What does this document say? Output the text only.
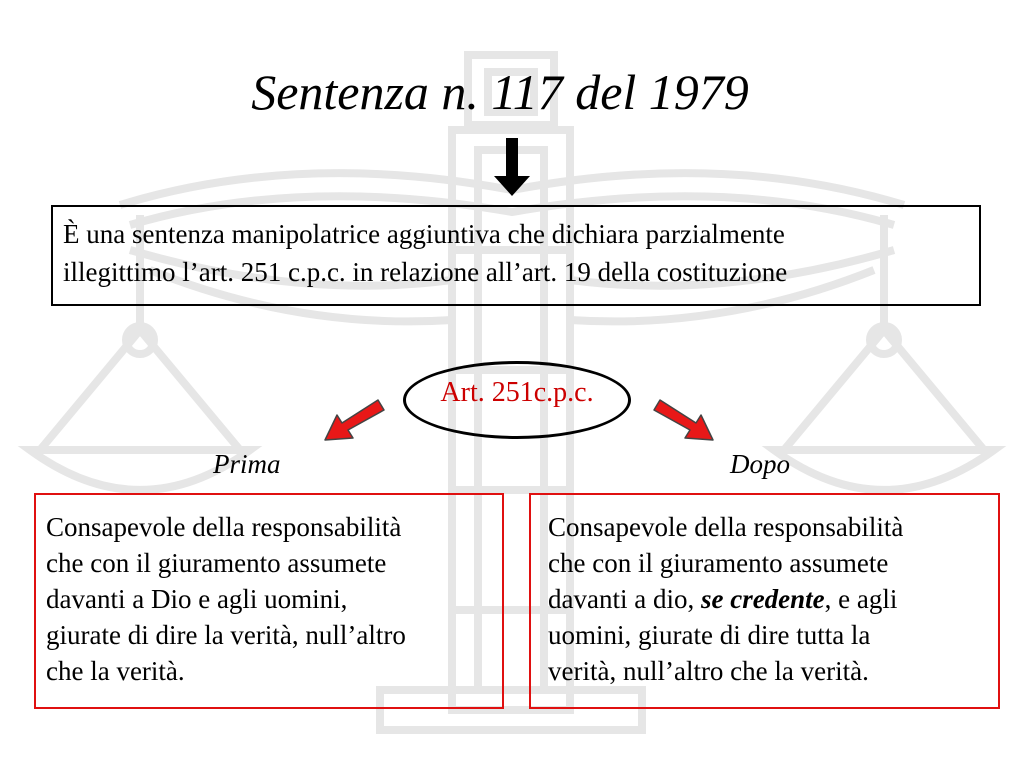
Sentenza n. 117 del 1979
È una sentenza manipolatrice aggiuntiva che dichiara parzialmente
illegittimo l’art. 251 c.p.c. in relazione all’art. 19 della costituzione
Art. 251c.p.c.
Prima	Dopo
Consapevole della responsabilità
che con il giuramento assumete
davanti a Dio e agli uomini,
giurate di dire la verità, null’altro
che la verità.
Consapevole della responsabilità
che con il giuramento assumete
davanti a dio, se credente, e agli
uomini, giurate di dire tutta la
verità, null’altro che la verità.
